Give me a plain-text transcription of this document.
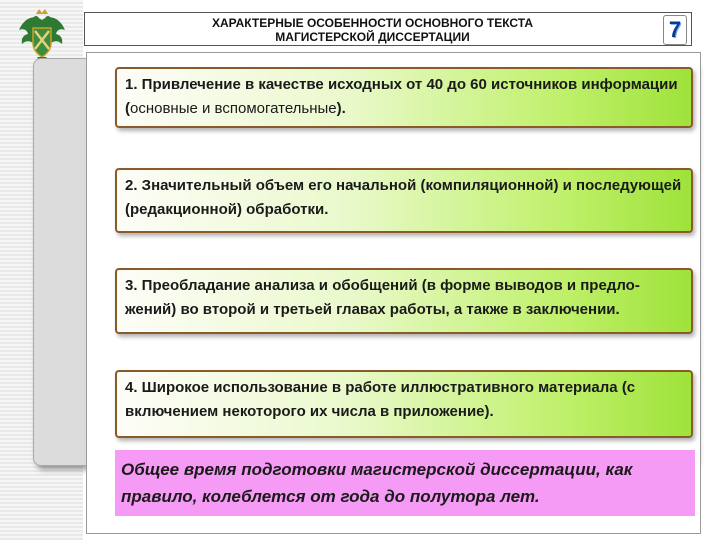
ХАРАКТЕРНЫЕ ОСОБЕННОСТИ ОСНОВНОГО ТЕКСТА
МАГИСТЕРСКОЙ ДИССЕРТАЦИИ	7
1. Привлечение в качестве исходных от 40 до 60 источников информации (основные и вспомогательные).
2. Значительный объем его начальной (компиляционной) и последующей (редакционной) обработки.
3. Преобладание анализа и обобщений (в форме выводов и предло-
жений) во второй и третьей главах работы, а также в заключении.
4. Широкое использование в работе иллюстративного материала (с включением некоторого их числа в приложение).
Общее время подготовки магистерской диссертации, как правило, колеблется от года до полутора лет.
